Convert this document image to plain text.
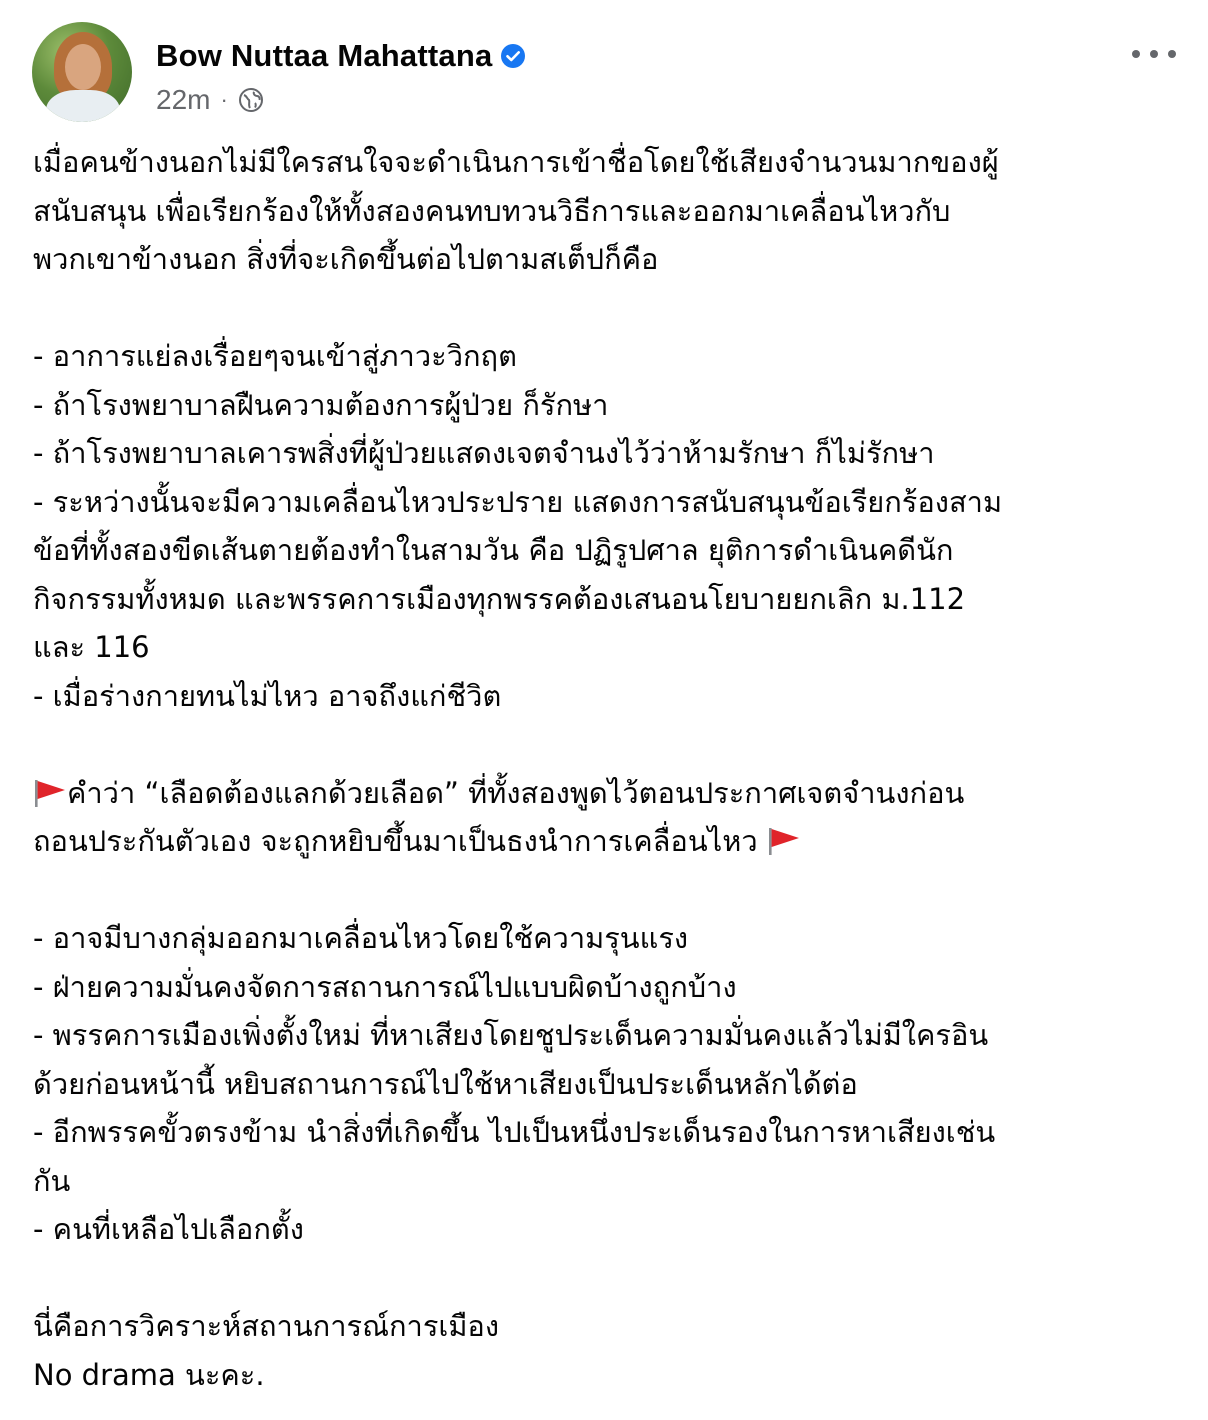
Bow Nuttaa Mahattana
22m ·

เมื่อคนข้างนอกไม่มีใครสนใจจะดำเนินการเข้าชื่อโดยใช้เสียงจำนวนมากของผู้
สนับสนุน เพื่อเรียกร้องให้ทั้งสองคนทบทวนวิธีการและออกมาเคลื่อนไหวกับ
พวกเขาข้างนอก สิ่งที่จะเกิดขึ้นต่อไปตามสเต็ปก็คือ

- อาการแย่ลงเรื่อยๆจนเข้าสู่ภาวะวิกฤต
- ถ้าโรงพยาบาลฝืนความต้องการผู้ป่วย ก็รักษา
- ถ้าโรงพยาบาลเคารพสิ่งที่ผู้ป่วยแสดงเจตจำนงไว้ว่าห้ามรักษา ก็ไม่รักษา
- ระหว่างนั้นจะมีความเคลื่อนไหวประปราย แสดงการสนับสนุนข้อเรียกร้องสาม
ข้อที่ทั้งสองขีดเส้นตายต้องทำในสามวัน คือ ปฏิรูปศาล ยุติการดำเนินคดีนัก
กิจกรรมทั้งหมด และพรรคการเมืองทุกพรรคต้องเสนอนโยบายยกเลิก ม.112
และ 116
- เมื่อร่างกายทนไม่ไหว อาจถึงแก่ชีวิต

คำว่า “เลือดต้องแลกด้วยเลือด” ที่ทั้งสองพูดไว้ตอนประกาศเจตจำนงก่อน
ถอนประกันตัวเอง จะถูกหยิบขึ้นมาเป็นธงนำการเคลื่อนไหว

- อาจมีบางกลุ่มออกมาเคลื่อนไหวโดยใช้ความรุนแรง
- ฝ่ายความมั่นคงจัดการสถานการณ์ไปแบบผิดบ้างถูกบ้าง
- พรรคการเมืองเพิ่งตั้งใหม่ ที่หาเสียงโดยชูประเด็นความมั่นคงแล้วไม่มีใครอิน
ด้วยก่อนหน้านี้ หยิบสถานการณ์ไปใช้หาเสียงเป็นประเด็นหลักได้ต่อ
- อีกพรรคขั้วตรงข้าม นำสิ่งที่เกิดขึ้น ไปเป็นหนึ่งประเด็นรองในการหาเสียงเช่น
กัน
- คนที่เหลือไปเลือกตั้ง

นี่คือการวิคราะห์สถานการณ์การเมือง
No drama นะคะ.
